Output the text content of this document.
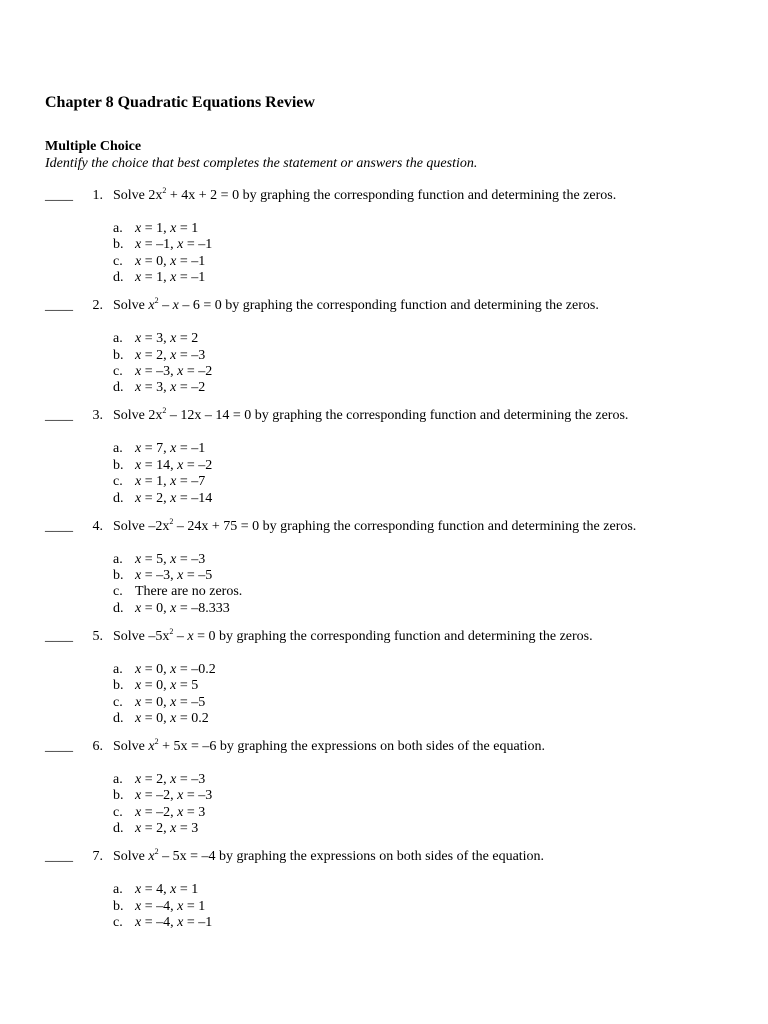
Chapter 8 Quadratic Equations Review
Multiple Choice
Identify the choice that best completes the statement or answers the question.
____ 1. Solve $2x^2 + 4x + 2 = 0$ by graphing the corresponding function and determining the zeros.
a. x = 1, x = 1
b. x = –1, x = –1
c. x = 0, x = –1
d. x = 1, x = –1
____ 2. Solve $x^2 - x - 6 = 0$ by graphing the corresponding function and determining the zeros.
a. x = 3, x = 2
b. x = 2, x = –3
c. x = –3, x = –2
d. x = 3, x = –2
____ 3. Solve $2x^2 - 12x - 14 = 0$ by graphing the corresponding function and determining the zeros.
a. x = 7, x = –1
b. x = 14, x = –2
c. x = 1, x = –7
d. x = 2, x = –14
____ 4. Solve $-2x^2 - 24x + 75 = 0$ by graphing the corresponding function and determining the zeros.
a. x = 5, x = –3
b. x = –3, x = –5
c. There are no zeros.
d. x = 0, x = –8.333
____ 5. Solve $-5x^2 - x = 0$ by graphing the corresponding function and determining the zeros.
a. x = 0, x = –0.2
b. x = 0, x = 5
c. x = 0, x = –5
d. x = 0, x = 0.2
____ 6. Solve $x^2 + 5x = -6$ by graphing the expressions on both sides of the equation.
a. x = 2, x = –3
b. x = –2, x = –3
c. x = –2, x = 3
d. x = 2, x = 3
____ 7. Solve $x^2 - 5x = -4$ by graphing the expressions on both sides of the equation.
a. x = 4, x = 1
b. x = –4, x = 1
c. x = –4, x = –1
